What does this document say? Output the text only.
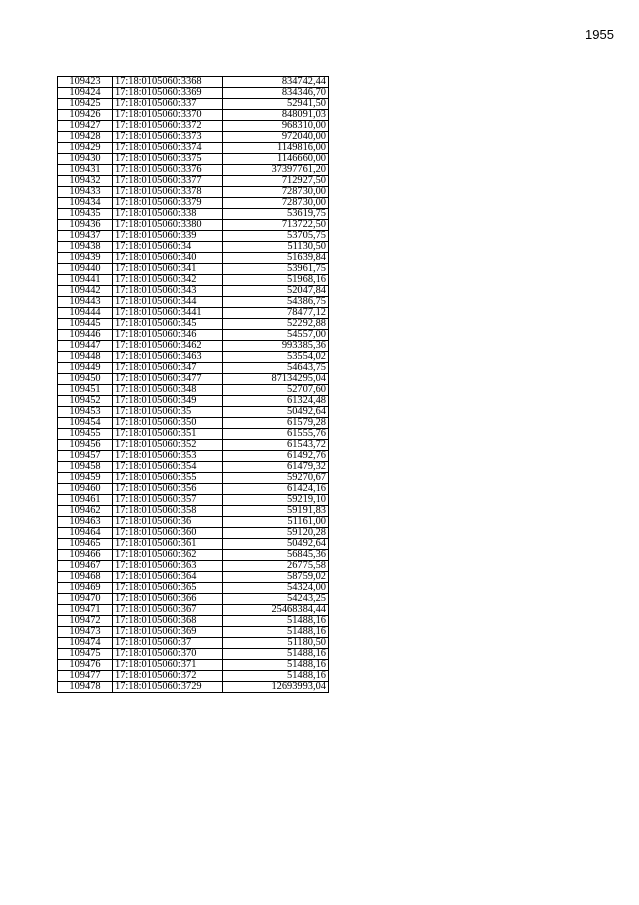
1955
109423	17:18:0105060:3368	834742,44
109424	17:18:0105060:3369	834346,70
109425	17:18:0105060:337	52941,50
109426	17:18:0105060:3370	848091,03
109427	17:18:0105060:3372	968310,00
109428	17:18:0105060:3373	972040,00
109429	17:18:0105060:3374	1149816,00
109430	17:18:0105060:3375	1146660,00
109431	17:18:0105060:3376	37397761,20
109432	17:18:0105060:3377	712927,50
109433	17:18:0105060:3378	728730,00
109434	17:18:0105060:3379	728730,00
109435	17:18:0105060:338	53619,75
109436	17:18:0105060:3380	713722,50
109437	17:18:0105060:339	53705,75
109438	17:18:0105060:34	51130,50
109439	17:18:0105060:340	51639,84
109440	17:18:0105060:341	53961,75
109441	17:18:0105060:342	51968,16
109442	17:18:0105060:343	52047,84
109443	17:18:0105060:344	54386,75
109444	17:18:0105060:3441	78477,12
109445	17:18:0105060:345	52292,88
109446	17:18:0105060:346	54557,00
109447	17:18:0105060:3462	993385,36
109448	17:18:0105060:3463	53554,02
109449	17:18:0105060:347	54643,75
109450	17:18:0105060:3477	87134295,04
109451	17:18:0105060:348	52707,60
109452	17:18:0105060:349	61324,48
109453	17:18:0105060:35	50492,64
109454	17:18:0105060:350	61579,28
109455	17:18:0105060:351	61555,76
109456	17:18:0105060:352	61543,72
109457	17:18:0105060:353	61492,76
109458	17:18:0105060:354	61479,32
109459	17:18:0105060:355	59270,67
109460	17:18:0105060:356	61424,16
109461	17:18:0105060:357	59219,10
109462	17:18:0105060:358	59191,83
109463	17:18:0105060:36	51161,00
109464	17:18:0105060:360	59120,28
109465	17:18:0105060:361	50492,64
109466	17:18:0105060:362	56845,36
109467	17:18:0105060:363	26775,58
109468	17:18:0105060:364	58759,02
109469	17:18:0105060:365	54324,00
109470	17:18:0105060:366	54243,25
109471	17:18:0105060:367	25468384,44
109472	17:18:0105060:368	51488,16
109473	17:18:0105060:369	51488,16
109474	17:18:0105060:37	51180,50
109475	17:18:0105060:370	51488,16
109476	17:18:0105060:371	51488,16
109477	17:18:0105060:372	51488,16
109478	17:18:0105060:3729	12693993,04
